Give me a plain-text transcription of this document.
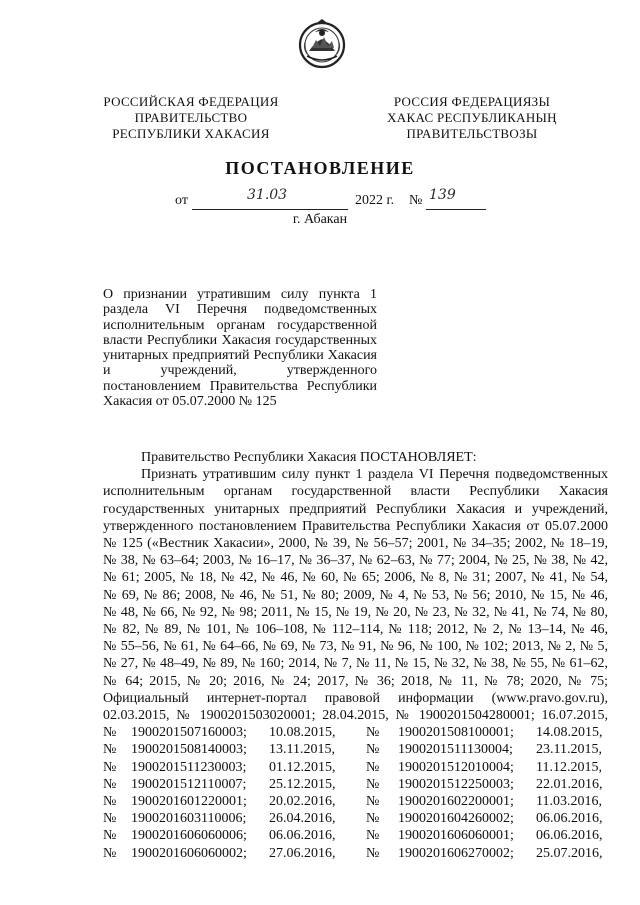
РОССИЙСКАЯ ФЕДЕРАЦИЯ
ПРАВИТЕЛЬСТВО
РЕСПУБЛИКИ ХАКАСИЯ
РОССИЯ ФЕДЕРАЦИЯЗЫ
ХАКАС РЕСПУБЛИКАНЫҢ
ПРАВИТЕЛЬСТВОЗЫ
ПОСТАНОВЛЕНИЕ
от	31.03	2022 г. № 139
г. Абакан
О признании утратившим силу пункта 1
раздела VI Перечня подведомственных
исполнительным органам государственной
власти Республики Хакасия государственных
унитарных предприятий Республики Хакасия
и учреждений, утвержденного
постановлением Правительства Республики
Хакасия от 05.07.2000 № 125
Правительство Республики Хакасия ПОСТАНОВЛЯЕТ:
Признать утратившим силу пункт 1 раздела VI Перечня подведомственных
исполнительным органам государственной власти Республики Хакасия
государственных унитарных предприятий Республики Хакасия и учреждений,
утвержденного постановлением Правительства Республики Хакасия от 05.07.2000
№ 125 («Вестник Хакасии», 2000, № 39, № 56–57; 2001, № 34–35; 2002, № 18–19,
№ 38, № 63–64; 2003, № 16–17, № 36–37, № 62–63, № 77; 2004, № 25, № 38, № 42,
№ 61; 2005, № 18, № 42, № 46, № 60, № 65; 2006, № 8, № 31; 2007, № 41, № 54,
№ 69, № 86; 2008, № 46, № 51, № 80; 2009, № 4, № 53, № 56; 2010, № 15, № 46,
№ 48, № 66, № 92, № 98; 2011, № 15, № 19, № 20, № 23, № 32, № 41, № 74, № 80,
№ 82, № 89, № 101, № 106–108, № 112–114, № 118; 2012, № 2, № 13–14, № 46,
№ 55–56, № 61, № 64–66, № 69, № 73, № 91, № 96, № 100, № 102; 2013, № 2, № 5,
№ 27, № 48–49, № 89, № 160; 2014, № 7, № 11, № 15, № 32, № 38, № 55, № 61–62,
№ 64; 2015, № 20; 2016, № 24; 2017, № 36; 2018, № 11, № 78; 2020, № 75;
Официальный интернет-портал правовой информации (www.pravo.gov.ru),
02.03.2015, № 1900201503020001; 28.04.2015, № 1900201504280001; 16.07.2015,
№ 1900201507160003; 10.08.2015, № 1900201508100001; 14.08.2015,
№ 1900201508140003; 13.11.2015, № 1900201511130004; 23.11.2015,
№ 1900201511230003; 01.12.2015, № 1900201512010004; 11.12.2015,
№ 1900201512110007; 25.12.2015, № 1900201512250003; 22.01.2016,
№ 1900201601220001; 20.02.2016, № 1900201602200001; 11.03.2016,
№ 1900201603110006; 26.04.2016, № 1900201604260002; 06.06.2016,
№ 1900201606060006; 06.06.2016, № 1900201606060001; 06.06.2016,
№ 1900201606060002; 27.06.2016, № 1900201606270002; 25.07.2016,
